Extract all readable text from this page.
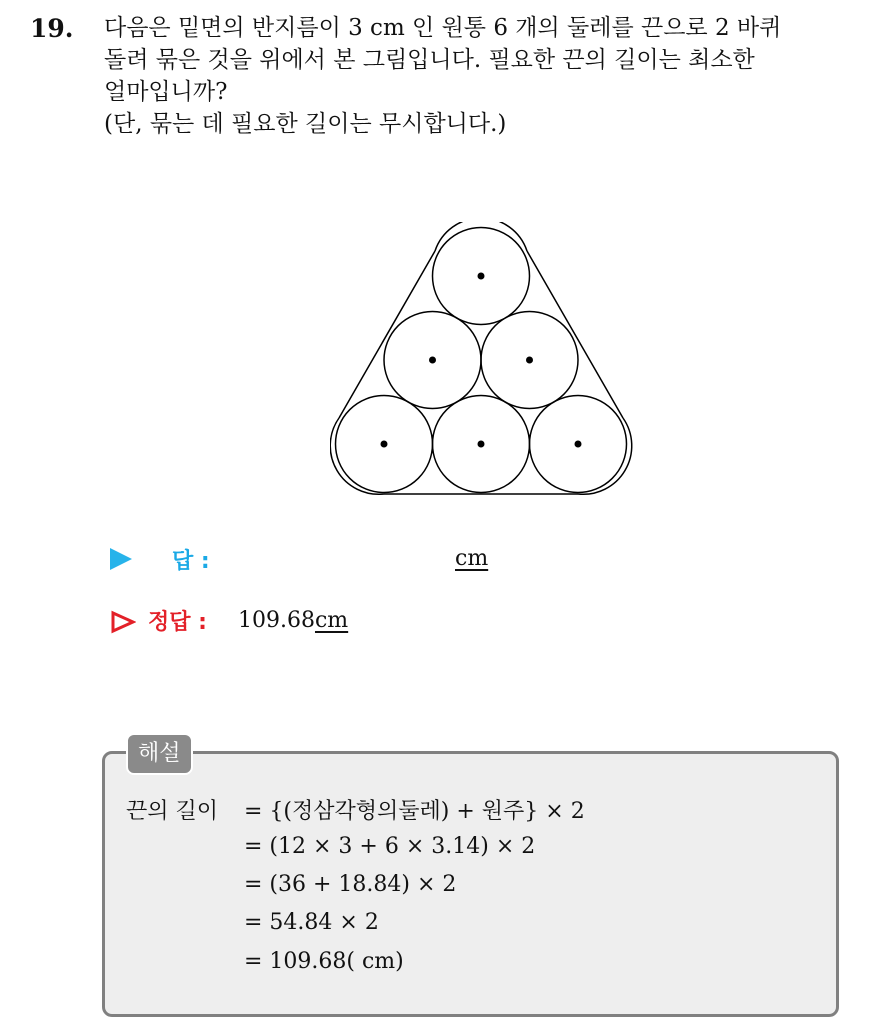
19. 다음은 밑면의 반지름이 3 cm 인 원통 6 개의 둘레를 끈으로 2 바퀴
돌려 묶은 것을 위에서 본 그림입니다. 필요한 끈의 길이는 최소한
얼마입니까?
(단, 묶는 데 필요한 길이는 무시합니다.)
답 :	cm
정답 : 109.68cm
해설
끈의 길이 = {(정삼각형의둘레) + 원주} × 2
= (12 × 3 + 6 × 3.14) × 2
= (36 + 18.84) × 2
= 54.84 × 2
= 109.68( cm)
